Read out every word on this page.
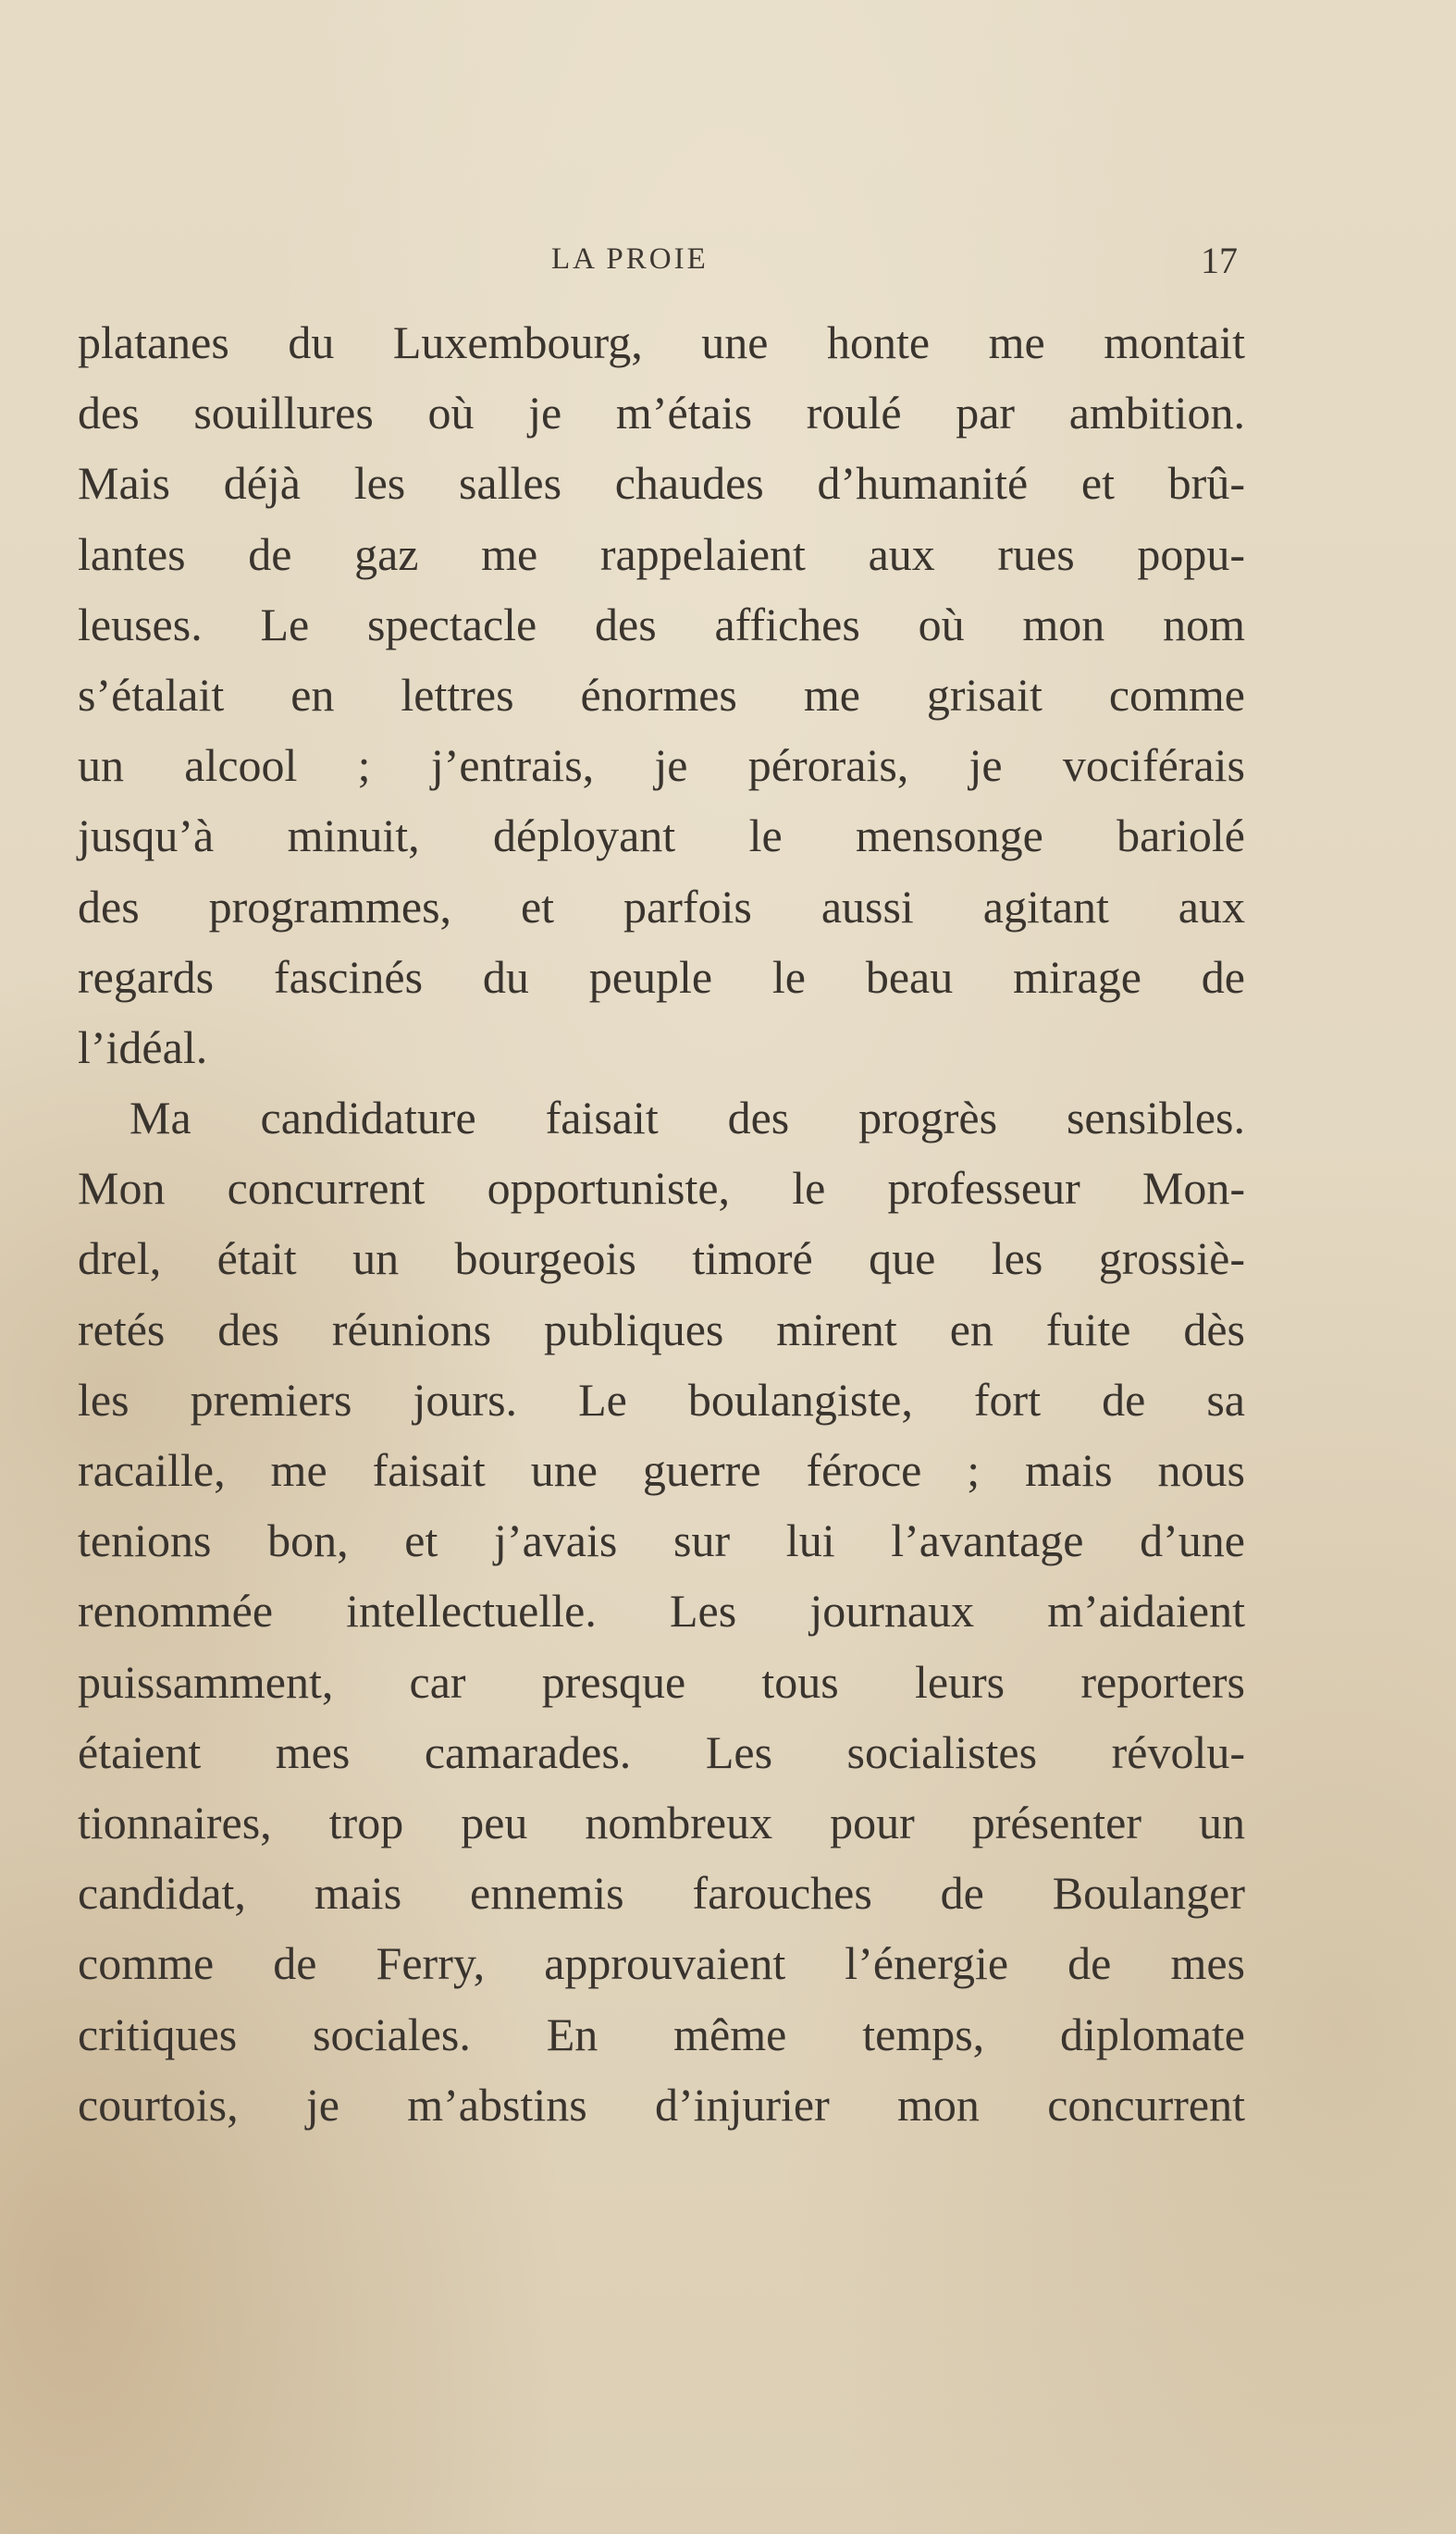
LA PROIE	17
platanes du Luxembourg, une honte me montait
des souillures où je m’étais roulé par ambition.
Mais déjà les salles chaudes d’humanité et brû-
lantes de gaz me rappelaient aux rues popu-
leuses. Le spectacle des affiches où mon nom
s’étalait en lettres énormes me grisait comme
un alcool ; j’entrais, je pérorais, je vociférais
jusqu’à minuit, déployant le mensonge bariolé
des programmes, et parfois aussi agitant aux
regards fascinés du peuple le beau mirage de
l’idéal.
Ma candidature faisait des progrès sensibles.
Mon concurrent opportuniste, le professeur Mon-
drel, était un bourgeois timoré que les grossiè-
retés des réunions publiques mirent en fuite dès
les premiers jours. Le boulangiste, fort de sa
racaille, me faisait une guerre féroce ; mais nous
tenions bon, et j’avais sur lui l’avantage d’une
renommée intellectuelle. Les journaux m’aidaient
puissamment, car presque tous leurs reporters
étaient mes camarades. Les socialistes révolu-
tionnaires, trop peu nombreux pour présenter un
candidat, mais ennemis farouches de Boulanger
comme de Ferry, approuvaient l’énergie de mes
critiques sociales. En même temps, diplomate
courtois, je m’abstins d’injurier mon concurrent
